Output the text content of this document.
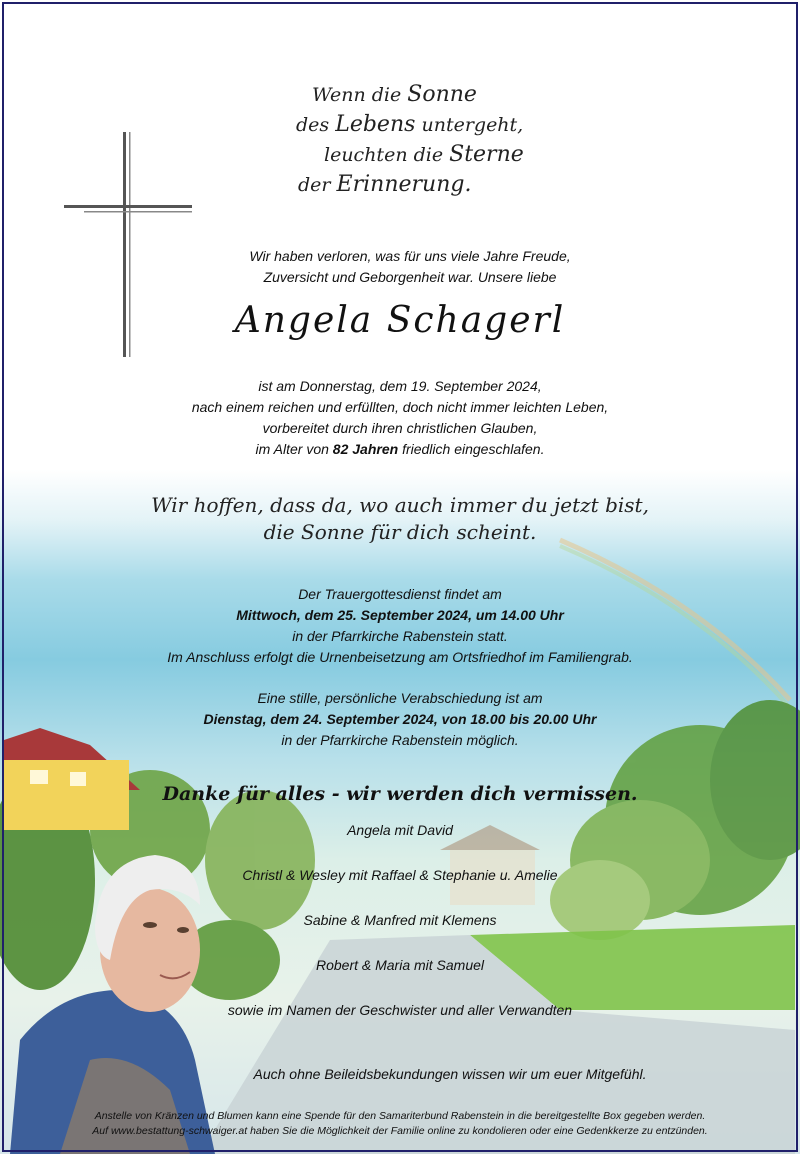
Wenn die Sonne
des Lebens untergeht,
leuchten die Sterne
der Erinnerung.
Wir haben verloren, was für uns viele Jahre Freude,
Zuversicht und Geborgenheit war. Unsere liebe
Angela Schagerl
ist am Donnerstag, dem 19. September 2024,
nach einem reichen und erfüllten, doch nicht immer leichten Leben,
vorbereitet durch ihren christlichen Glauben,
im Alter von 82 Jahren friedlich eingeschlafen.
Wir hoffen, dass da, wo auch immer du jetzt bist,
die Sonne für dich scheint.
Der Trauergottesdienst findet am
Mittwoch, dem 25. September 2024, um 14.00 Uhr
in der Pfarrkirche Rabenstein statt.
Im Anschluss erfolgt die Urnenbeisetzung am Ortsfriedhof im Familiengrab.
Eine stille, persönliche Verabschiedung ist am
Dienstag, dem 24. September 2024, von 18.00 bis 20.00 Uhr
in der Pfarrkirche Rabenstein möglich.
Danke für alles - wir werden dich vermissen.
Angela mit David
Christl & Wesley mit Raffael & Stephanie u. Amelie
Sabine & Manfred mit Klemens
Robert & Maria mit Samuel
sowie im Namen der Geschwister und aller Verwandten
Auch ohne Beileidsbekundungen wissen wir um euer Mitgefühl.
Anstelle von Kränzen und Blumen kann eine Spende für den Samariterbund Rabenstein in die bereitgestellte Box gegeben werden.
Auf www.bestattung-schwaiger.at haben Sie die Möglichkeit der Familie online zu kondolieren oder eine Gedenkkerze zu entzünden.
